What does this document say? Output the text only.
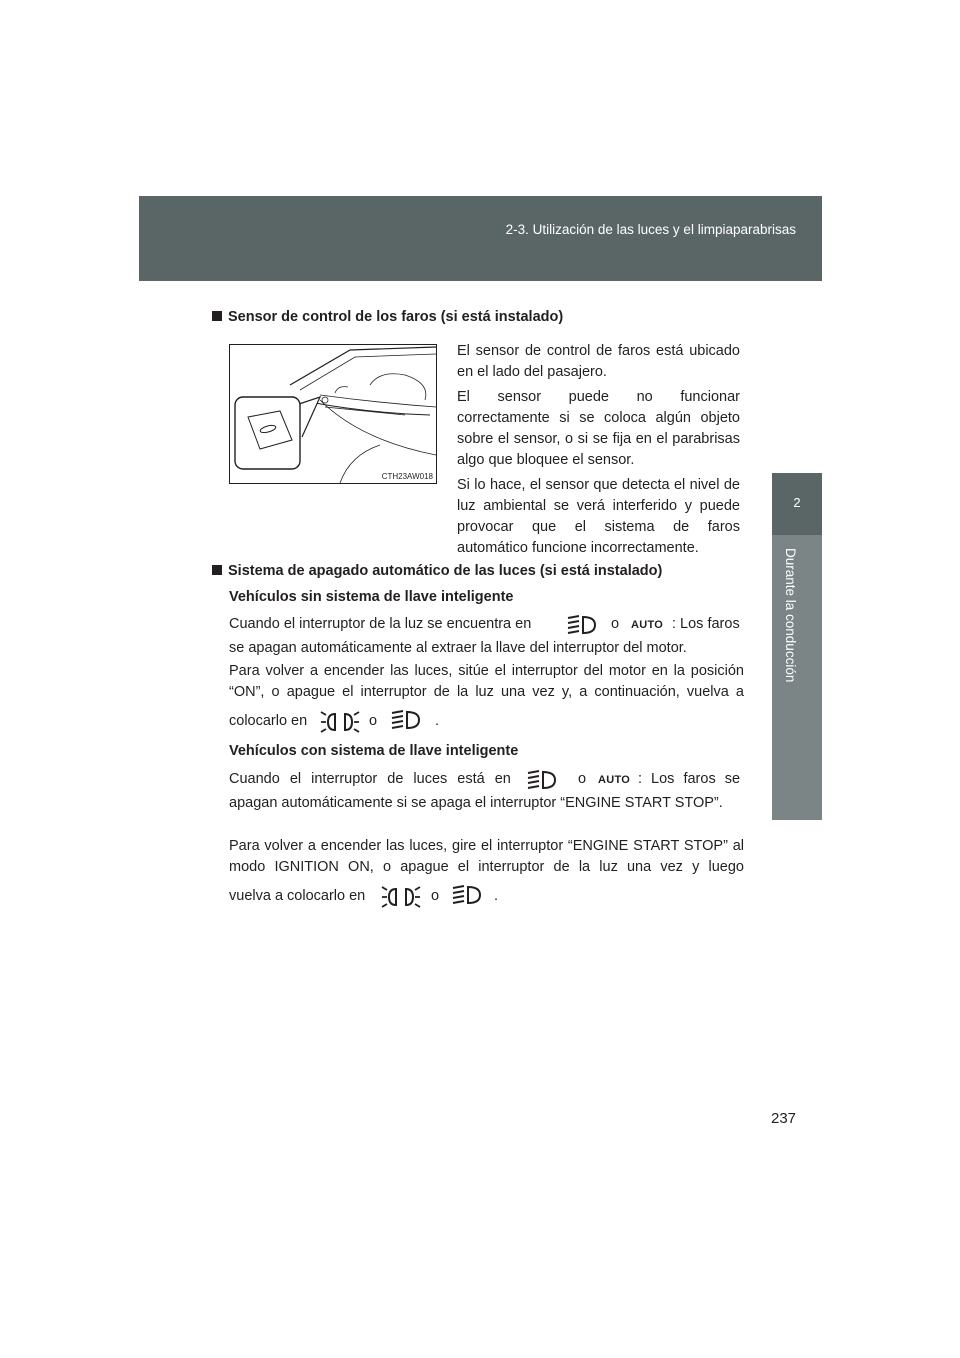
2-3. Utilización de las luces y el limpiaparabrisas
2
Durante la conducción
Sensor de control de los faros (si está instalado)
CTH23AW018
El sensor de control de faros está ubicado en el lado del pasajero.
El sensor puede no funcionar correctamente si se coloca algún objeto sobre el sensor, o si se fija en el parabrisas algo que bloquee el sensor.
Si lo hace, el sensor que detecta el nivel de luz ambiental se verá interferido y puede provocar que el sistema de faros automático funcione incorrectamente.
Sistema de apagado automático de las luces (si está instalado)
Vehículos sin sistema de llave inteligente
Cuando el interruptor de la luz se encuentra en	o AUTO : Los faros
se apagan automáticamente al extraer la llave del interruptor del motor.
Para volver a encender las luces, sitúe el interruptor del motor en la posición “ON”, o apague el interruptor de la luz una vez y, a continuación, vuelva a
colocarlo en	o	.
Vehículos con sistema de llave inteligente
Cuando el interruptor de luces está en	o AUTO : Los faros se
apagan automáticamente si se apaga el interruptor “ENGINE START STOP”.
Para volver a encender las luces, gire el interruptor “ENGINE START STOP” al modo IGNITION ON, o apague el interruptor de la luz una vez y luego
vuelva a colocarlo en	o	.
237
